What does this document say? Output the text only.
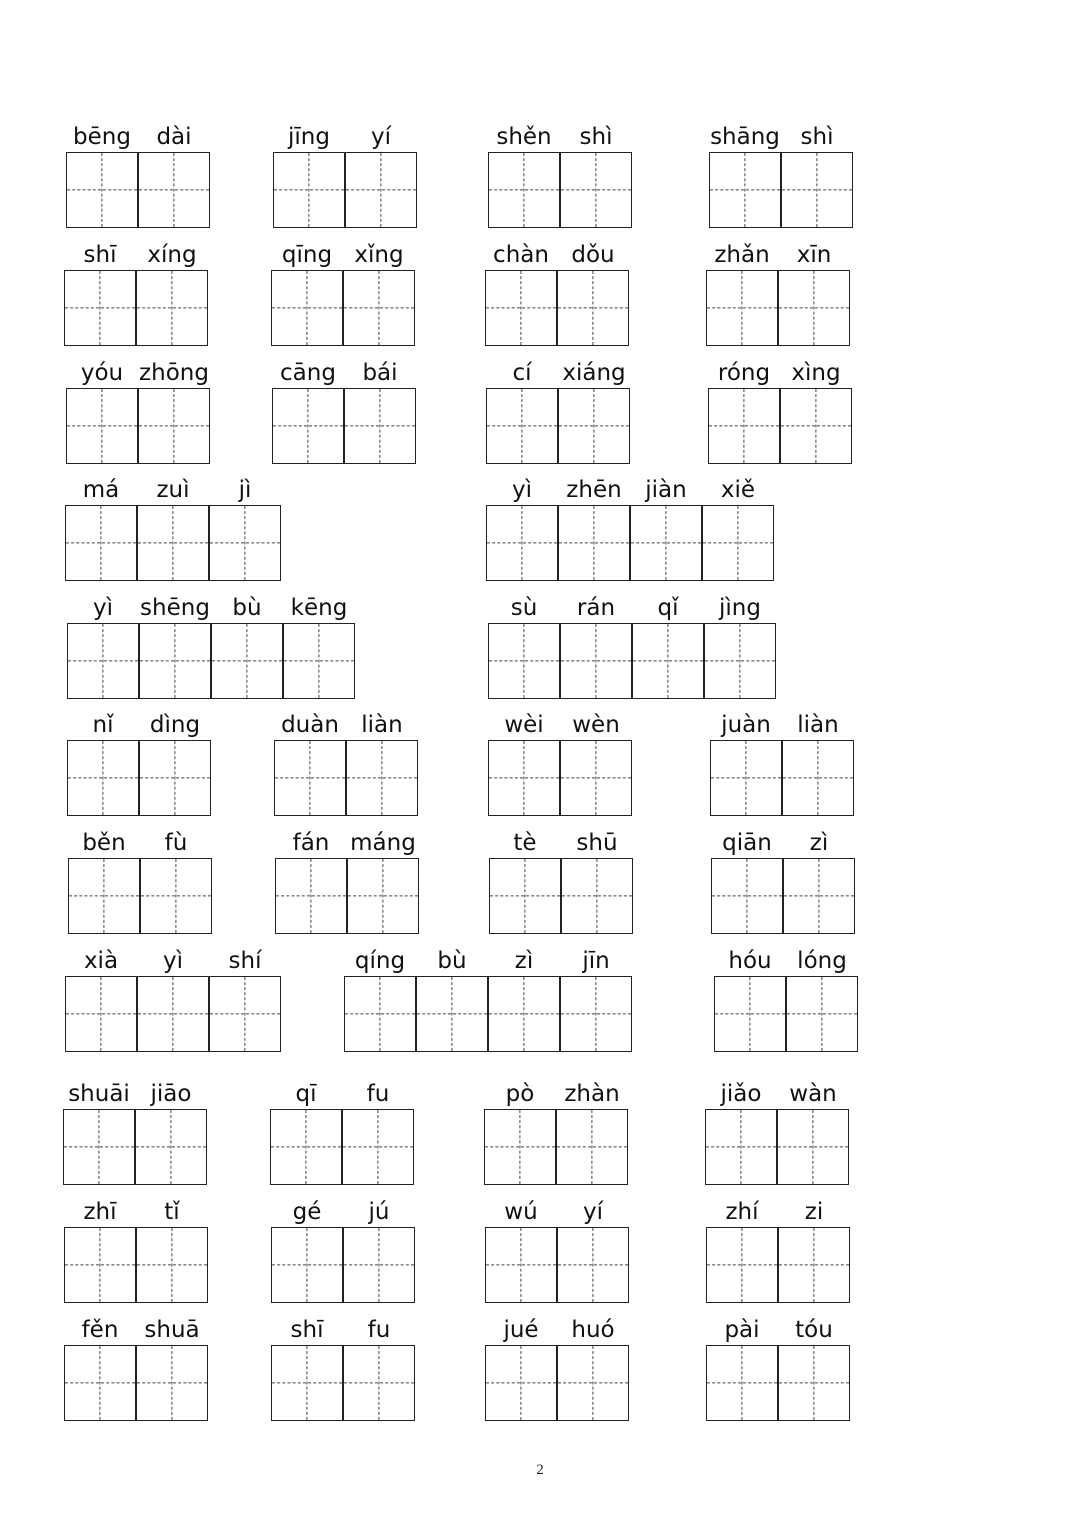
bēng dài	jīng yí	shěn shì	shāng shì
shī xíng	qīng xǐng	chàn dǒu	zhǎn xīn
yóu zhōng	cāng bái	cí xiáng	róng xìng
má zuì jì	yì zhēn jiàn xiě
yì shēng bù kēng	sù rán qǐ jìng
nǐ dìng	duàn liàn	wèi wèn	juàn liàn
běn fù	fán máng	tè shū	qiān zì
xià yì shí	qíng bù zì jīn	hóu lóng
shuāi jiāo	qī fu	pò zhàn	jiǎo wàn
zhī tǐ	gé jú	wú yí	zhí zi
fěn shuā	shī fu	jué huó	pài tóu
2
